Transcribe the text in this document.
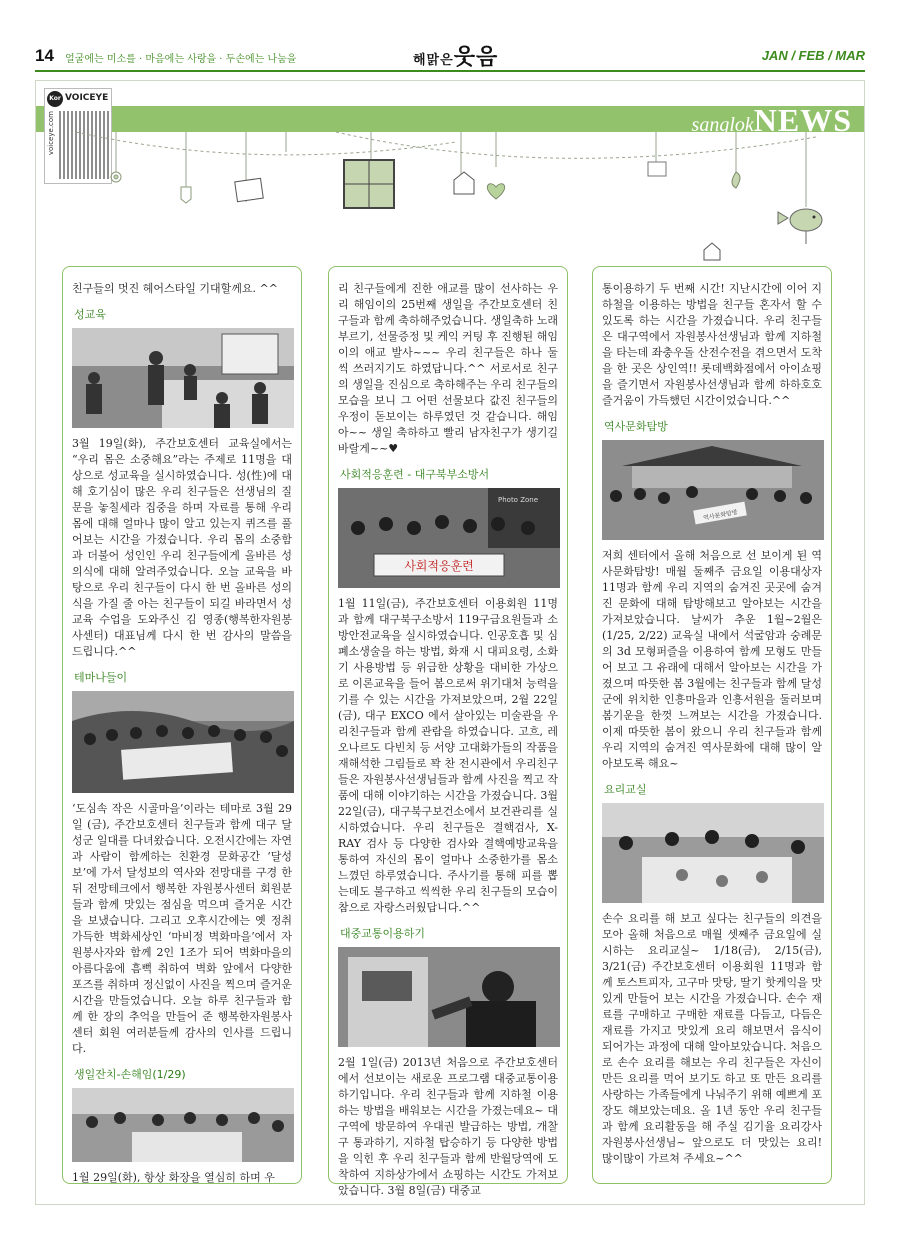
14 얼굴에는 미소를 · 마음에는 사랑을 · 두손에는 나눔을	해맑은웃음	JAN / FEB / MAR
sanglokNEWS
Kor VOICEYE
voiceye.com

친구들의 멋진 헤어스타일 기대할께요. ^^

성교육

3월 19일(화), 주간보호센터 교육실에서는 “우리 몸은 소중해요”라는 주제로 11명을 대상으로 성교육을 실시하였습니다. 성(性)에 대해 호기심이 많은 우리 친구들은 선생님의 질문을 놓칠세라 집중을 하며 자료를 통해 우리 몸에 대해 얼마나 많이 알고 있는지 퀴즈를 풀어보는 시간을 가졌습니다. 우리 몸의 소중함과 더불어 성인인 우리 친구들에게 올바른 성의식에 대해 알려주었습니다. 오늘 교육을 바탕으로 우리 친구들이 다시 한 번 올바른 성의식을 가질 줄 아는 친구들이 되길 바라면서 성교육 수업을 도와주신 김 영종(행복한자원봉사센터) 대표님께 다시 한 번 감사의 말씀을 드립니다.^^

테마나들이

‘도심속 작은 시골마을’이라는 테마로 3월 29일 (금), 주간보호센터 친구들과 함께 대구 달성군 일대를 다녀왔습니다. 오전시간에는 자연과 사람이 함께하는 친환경 문화공간 ‘달성보’에 가서 달성보의 역사와 전망대를 구경 한 뒤 전망테크에서 행복한 자원봉사센터 회원분들과 함께 맛있는 점심을 먹으며 즐거운 시간을 보냈습니다. 그리고 오후시간에는 옛 정취 가득한 벽화세상인 ‘마비정 벽화마을’에서 자원봉사자와 함께 2인 1조가 되어 벽화마을의 아름다움에 흠뻑 취하여 벽화 앞에서 다양한 포즈를 취하며 정신없이 사진을 찍으며 즐거운 시간을 만들었습니다. 오늘 하루 친구들과 함께 한 장의 추억을 만들어 준 행복한자원봉사센터 회원 여러분들께 감사의 인사를 드립니다.

생일잔치-손해임(1/29)

1월 29일(화), 항상 화장을 열심히 하며 우

리 친구들에게 진한 애교를 많이 선사하는 우리 해임이의 25번째 생일을 주간보호센터 친구들과 함께 축하해주었습니다. 생일축하 노래부르기, 선물증정 및 케익 커팅 후 진행된 해임이의 애교 발사~~~ 우리 친구들은 하나 둘 씩 쓰러지기도 하였답니다.^^ 서로서로 친구의 생일을 진심으로 축하해주는 우리 친구들의 모습을 보니 그 어떤 선물보다 값진 친구들의 우정이 돋보이는 하루였던 것 같습니다. 해임아~~ 생일 축하하고 빨리 남자친구가 생기길 바랄게~~♥

사회적응훈련 - 대구북부소방서
Photo Zone
사회적응훈련

1월 11일(금), 주간보호센터 이용회원 11명과 함께 대구북구소방서 119구급요원들과 소방안전교육을 실시하였습니다. 인공호흡 및 심폐소생술을 하는 방법, 화재 시 대피요령, 소화기 사용방법 등 위급한 상황을 대비한 가상으로 이론교육을 들어 봄으로써 위기대처 능력을 기를 수 있는 시간을 가져보았으며, 2월 22일(금), 대구 EXCO 에서 살아있는 미술관을 우리친구들과 함께 관람을 하였습니다. 고흐, 레오나르도 다빈치 등 서양 고대화가들의 작품을 재해석한 그림들로 꽉 찬 전시관에서 우리친구들은 자원봉사선생님들과 함께 사진을 찍고 작품에 대해 이야기하는 시간을 가졌습니다. 3월 22일(금), 대구북구보건소에서 보건관리를 실시하였습니다. 우리 친구들은 결핵검사, X-RAY 검사 등 다양한 검사와 결핵예방교육을 통하여 자신의 몸이 얼마나 소중한가를 몸소 느꼈던 하루였습니다. 주사기를 통해 피를 뽑는데도 불구하고 씩씩한 우리 친구들의 모습이 참으로 자랑스러웠답니다.^^

대중교통이용하기

2월 1일(금) 2013년 처음으로 주간보호센터에서 선보이는 새로운 프로그램 대중교통이용하기입니다. 우리 친구들과 함께 지하철 이용하는 방법을 배워보는 시간을 가졌는데요~ 대구역에 방문하여 우대권 발급하는 방법, 개찰구 통과하기, 지하철 탑승하기 등 다양한 방법을 익힌 후 우리 친구들과 함께 반월당역에 도착하여 지하상가에서 쇼핑하는 시간도 가져보았습니다. 3월 8일(금) 대중교

통이용하기 두 번째 시간! 지난시간에 이어 지하철을 이용하는 방법을 친구들 혼자서 할 수 있도록 하는 시간을 가졌습니다. 우리 친구들은 대구역에서 자원봉사선생님과 함께 지하철을 타는데 좌충우돌 산전수전을 겪으면서 도착을 한 곳은 상인역!! 롯데백화점에서 아이쇼핑을 즐기면서 자원봉사선생님과 함께 하하호호 즐거움이 가득했던 시간이었습니다.^^

역사문화탐방
역사문화탐방

저희 센터에서 올해 처음으로 선 보이게 된 역사문화탐방! 매월 둘째주 금요일 이용대상자 11명과 함께 우리 지역의 숨겨진 곳곳에 숨겨진 문화에 대해 탐방해보고 알아보는 시간을 가져보았습니다. 날씨가 추운 1월~2월은 (1/25, 2/22) 교육실 내에서 석굴암과 숭례문의 3d 모형퍼즐을 이용하여 함께 모형도 만들어 보고 그 유래에 대해서 알아보는 시간을 가졌으며 따뜻한 봄 3월에는 친구들과 함께 달성군에 위치한 인흥마을과 인흥서원을 둘러보며 봄기운을 한껏 느껴보는 시간을 가졌습니다. 이제 따뜻한 봄이 왔으니 우리 친구들과 함께 우리 지역의 숨겨진 역사문화에 대해 많이 알아보도록 해요~

요리교실

손수 요리를 해 보고 싶다는 친구들의 의견을 모아 올해 처음으로 매월 셋째주 금요일에 실시하는 요리교실~ 1/18(금), 2/15(금), 3/21(금) 주간보호센터 이용회원 11명과 함께 토스트피자, 고구마 맛탕, 딸기 핫케익을 맛있게 만들어 보는 시간을 가졌습니다. 손수 재료를 구매하고 구매한 재료를 다듬고, 다듬은 재료를 가지고 맛있게 요리 해보면서 음식이 되어가는 과정에 대해 알아보았습니다. 처음으로 손수 요리를 해보는 우리 친구들은 자신이 만든 요리를 먹어 보기도 하고 또 만든 요리를 사랑하는 가족들에게 나눠주기 위해 예쁘게 포장도 해보았는데요. 올 1년 동안 우리 친구들과 함께 요리활동을 해 주실 김기율 요리강사 자원봉사선생님~ 앞으로도 더 맛있는 요리! 많이많이 가르쳐 주세요~^^
